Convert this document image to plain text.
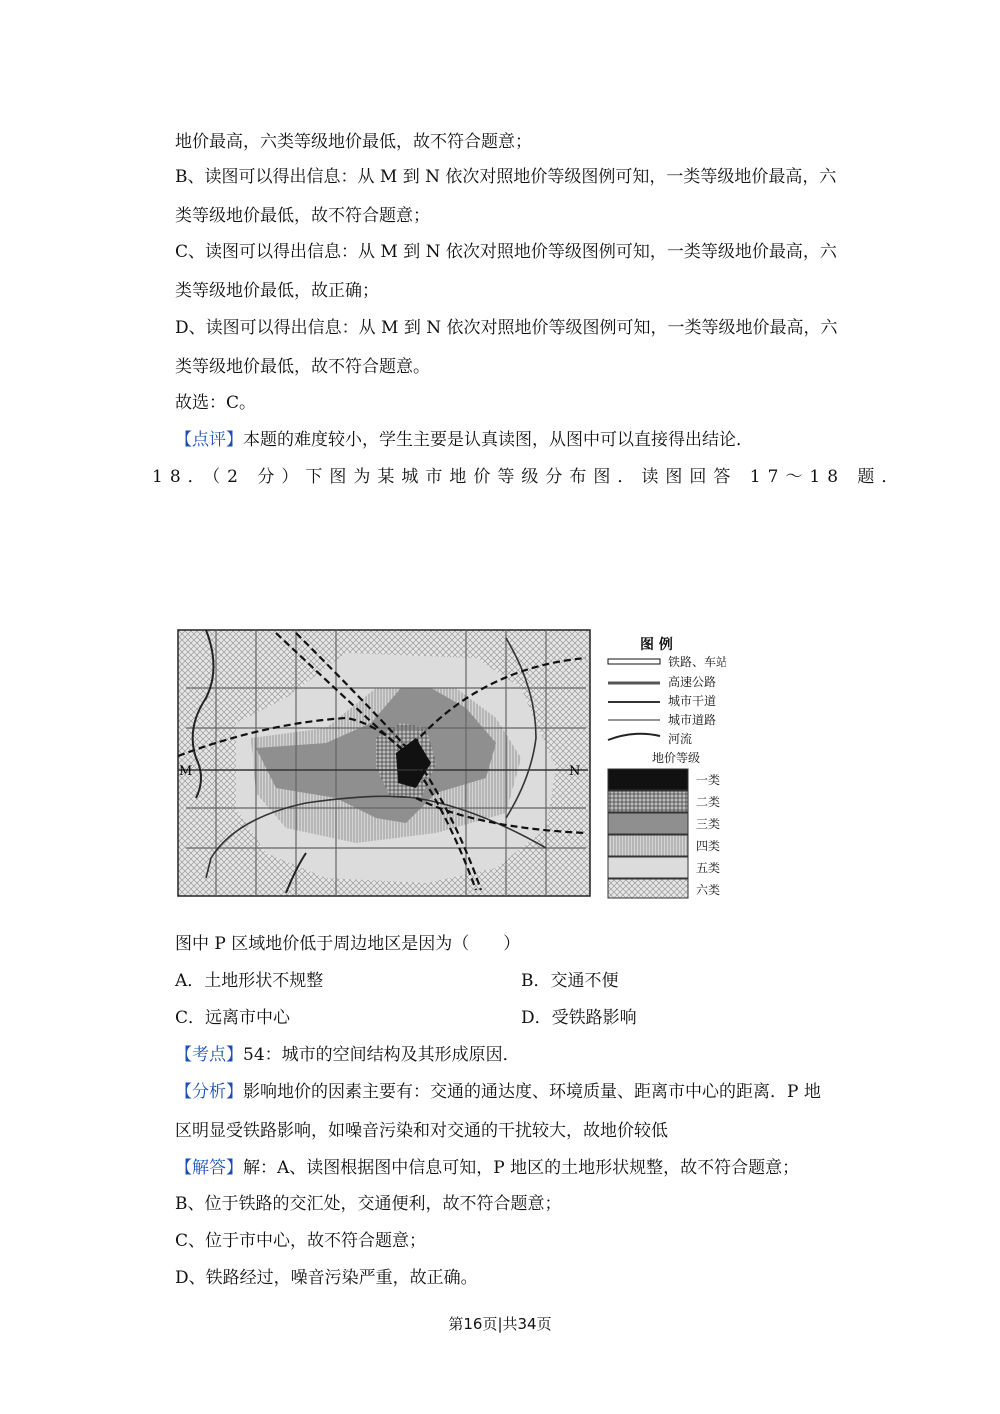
地价最高，六类等级地价最低，故不符合题意；
B、读图可以得出信息：从 M 到 N 依次对照地价等级图例可知，一类等级地价最高，六
类等级地价最低，故不符合题意；
C、读图可以得出信息：从 M 到 N 依次对照地价等级图例可知，一类等级地价最高，六
类等级地价最低，故正确；
D、读图可以得出信息：从 M 到 N 依次对照地价等级图例可知，一类等级地价最高，六
类等级地价最低，故不符合题意。
故选：C。
【点评】本题的难度较小，学生主要是认真读图，从图中可以直接得出结论．
18．（2 分）下图为某城市地价等级分布图．读图回答 17～18 题．
M	N
图 例
铁路、车站
高速公路
城市干道
城市道路
河流
地价等级
一类
二类
三类
四类
五类
六类
图中 P 区域地价低于周边地区是因为（　　）
A．土地形状不规整	B．交通不便
C．远离市中心	D．受铁路影响
【考点】54：城市的空间结构及其形成原因．
【分析】影响地价的因素主要有：交通的通达度、环境质量、距离市中心的距离．P 地
区明显受铁路影响，如噪音污染和对交通的干扰较大，故地价较低
【解答】解：A、读图根据图中信息可知，P 地区的土地形状规整，故不符合题意；
B、位于铁路的交汇处，交通便利，故不符合题意；
C、位于市中心，故不符合题意；
D、铁路经过，噪音污染严重，故正确。
第16页|共34页
